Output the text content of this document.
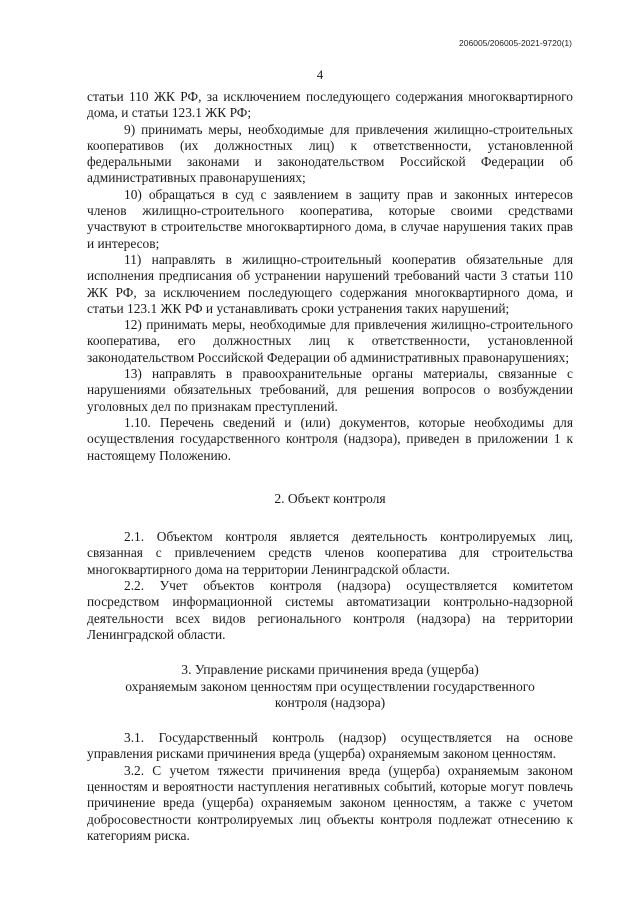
206005/206005-2021-9720(1)
4

статьи 110 ЖК РФ, за исключением последующего содержания многоквартирного дома, и статьи 123.1 ЖК РФ;

9) принимать меры, необходимые для привлечения жилищно-строительных кооперативов (их должностных лиц) к ответственности, установленной федеральными законами и законодательством Российской Федерации об административных правонарушениях;

10) обращаться в суд с заявлением в защиту прав и законных интересов членов жилищно-строительного кооператива, которые своими средствами участвуют в строительстве многоквартирного дома, в случае нарушения таких прав и интересов;

11) направлять в жилищно-строительный кооператив обязательные для исполнения предписания об устранении нарушений требований части 3 статьи 110 ЖК РФ, за исключением последующего содержания многоквартирного дома, и статьи 123.1 ЖК РФ и устанавливать сроки устранения таких нарушений;

12) принимать меры, необходимые для привлечения жилищно-строительного кооператива, его должностных лиц к ответственности, установленной законодательством Российской Федерации об административных правонарушениях;

13) направлять в правоохранительные органы материалы, связанные с нарушениями обязательных требований, для решения вопросов о возбуждении уголовных дел по признакам преступлений.

1.10. Перечень сведений и (или) документов, которые необходимы для осуществления государственного контроля (надзора), приведен в приложении 1 к настоящему Положению.

2. Объект контроля

2.1. Объектом контроля является деятельность контролируемых лиц, связанная с привлечением средств членов кооператива для строительства многоквартирного дома на территории Ленинградской области.

2.2. Учет объектов контроля (надзора) осуществляется комитетом посредством информационной системы автоматизации контрольно-надзорной деятельности всех видов регионального контроля (надзора) на территории Ленинградской области.

3. Управление рисками причинения вреда (ущерба)

охраняемым законом ценностям при осуществлении государственного

контроля (надзора)

3.1. Государственный контроль (надзор) осуществляется на основе управления рисками причинения вреда (ущерба) охраняемым законом ценностям.

3.2. С учетом тяжести причинения вреда (ущерба) охраняемым законом ценностям и вероятности наступления негативных событий, которые могут повлечь причинение вреда (ущерба) охраняемым законом ценностям, а также с учетом добросовестности контролируемых лиц объекты контроля подлежат отнесению к категориям риска.
